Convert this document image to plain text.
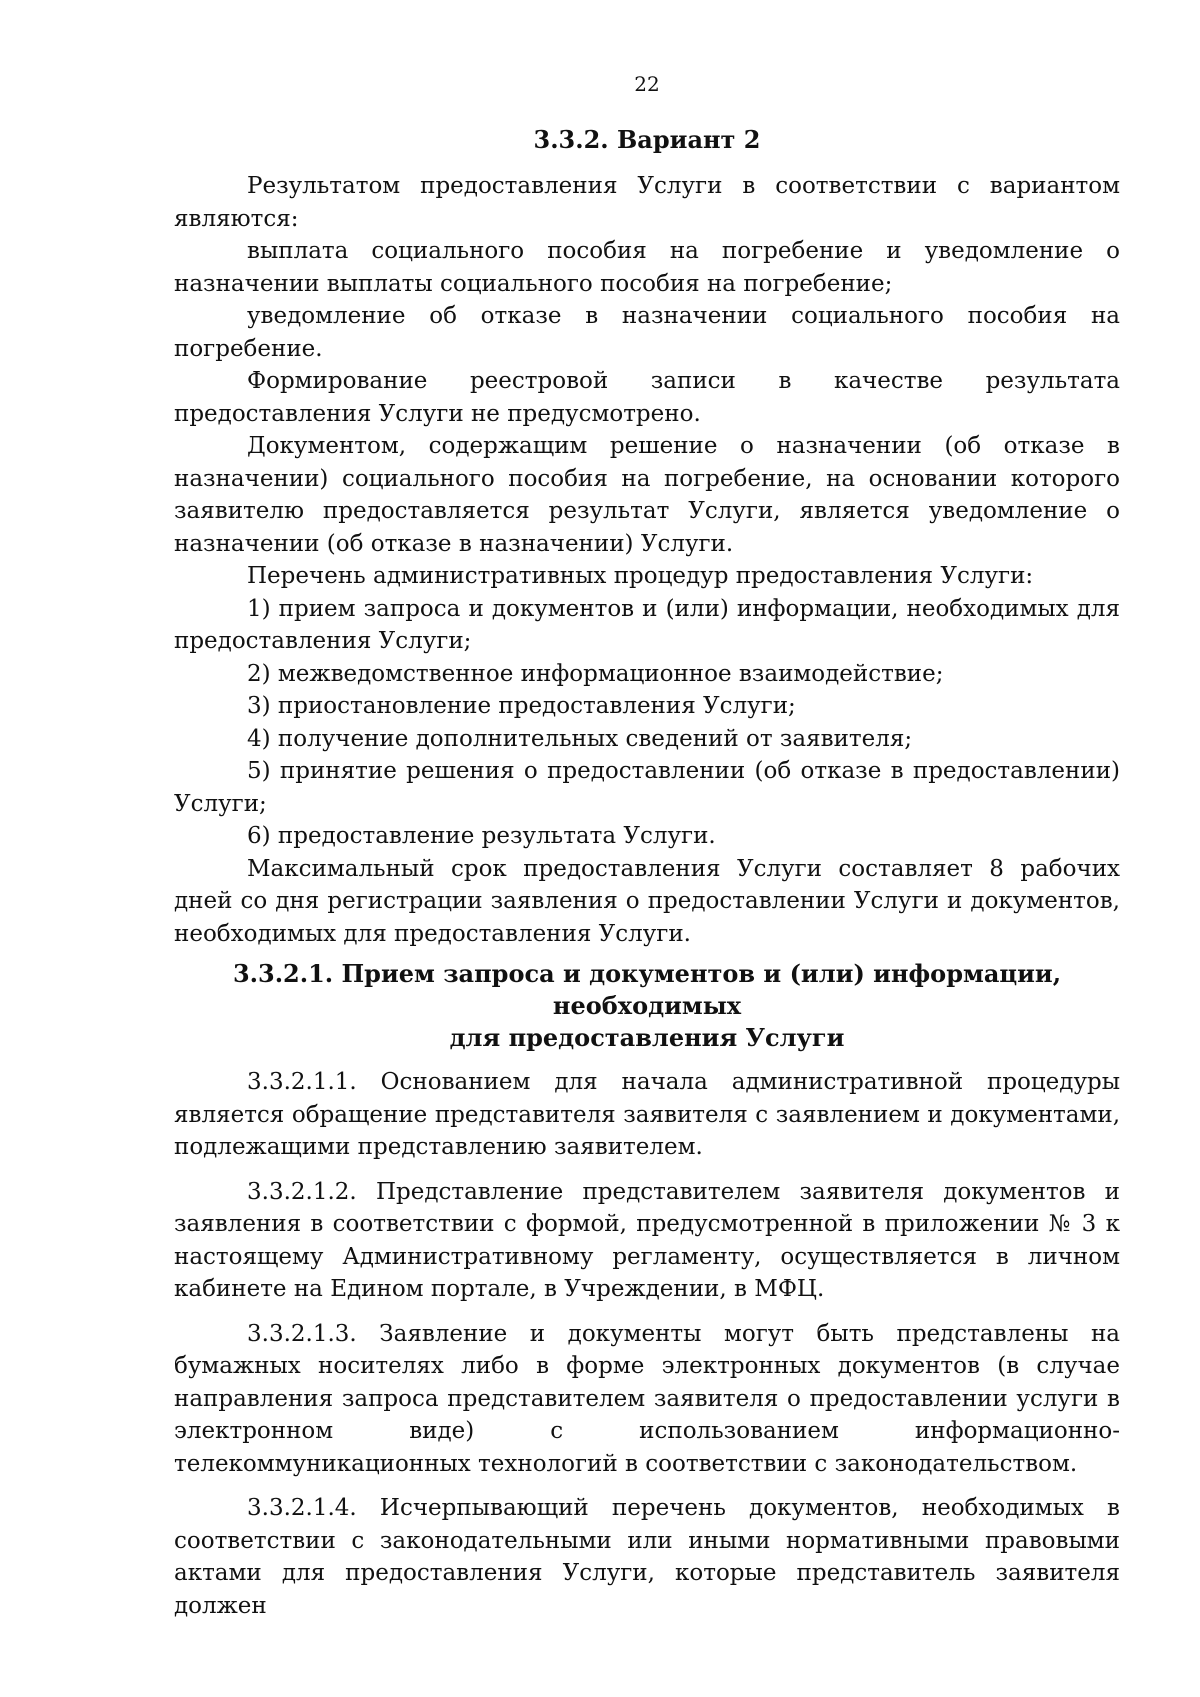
22
3.3.2. Вариант 2

Результатом предоставления Услуги в соответствии с вариантом являются:

выплата социального пособия на погребение и уведомление о назначении выплаты социального пособия на погребение;

уведомление об отказе в назначении социального пособия на погребение.

Формирование реестровой записи в качестве результата предоставления Услуги не предусмотрено.

Документом, содержащим решение о назначении (об отказе в назначении) социального пособия на погребение, на основании которого заявителю предоставляется результат Услуги, является уведомление о назначении (об отказе в назначении) Услуги.

Перечень административных процедур предоставления Услуги:

1) прием запроса и документов и (или) информации, необходимых для предоставления Услуги;

2) межведомственное информационное взаимодействие;

3) приостановление предоставления Услуги;

4) получение дополнительных сведений от заявителя;

5) принятие решения о предоставлении (об отказе в предоставлении) Услуги;

6) предоставление результата Услуги.

Максимальный срок предоставления Услуги составляет 8 рабочих дней со дня регистрации заявления о предоставлении Услуги и документов, необходимых для предоставления Услуги.

3.3.2.1. Прием запроса и документов и (или) информации, необходимых
для предоставления Услуги

3.3.2.1.1. Основанием для начала административной процедуры является обращение представителя заявителя с заявлением и документами, подлежащими представлению заявителем.

3.3.2.1.2. Представление представителем заявителя документов и заявления в соответствии с формой, предусмотренной в приложении № 3 к настоящему Административному регламенту, осуществляется в личном кабинете на Едином портале, в Учреждении, в МФЦ.

3.3.2.1.3. Заявление и документы могут быть представлены на бумажных носителях либо в форме электронных документов (в случае направления запроса представителем заявителя о предоставлении услуги в электронном виде) с использованием информационно-телекоммуникационных технологий в соответствии с законодательством.

3.3.2.1.4. Исчерпывающий перечень документов, необходимых в соответствии с законодательными или иными нормативными правовыми актами для предоставления Услуги, которые представитель заявителя должен
